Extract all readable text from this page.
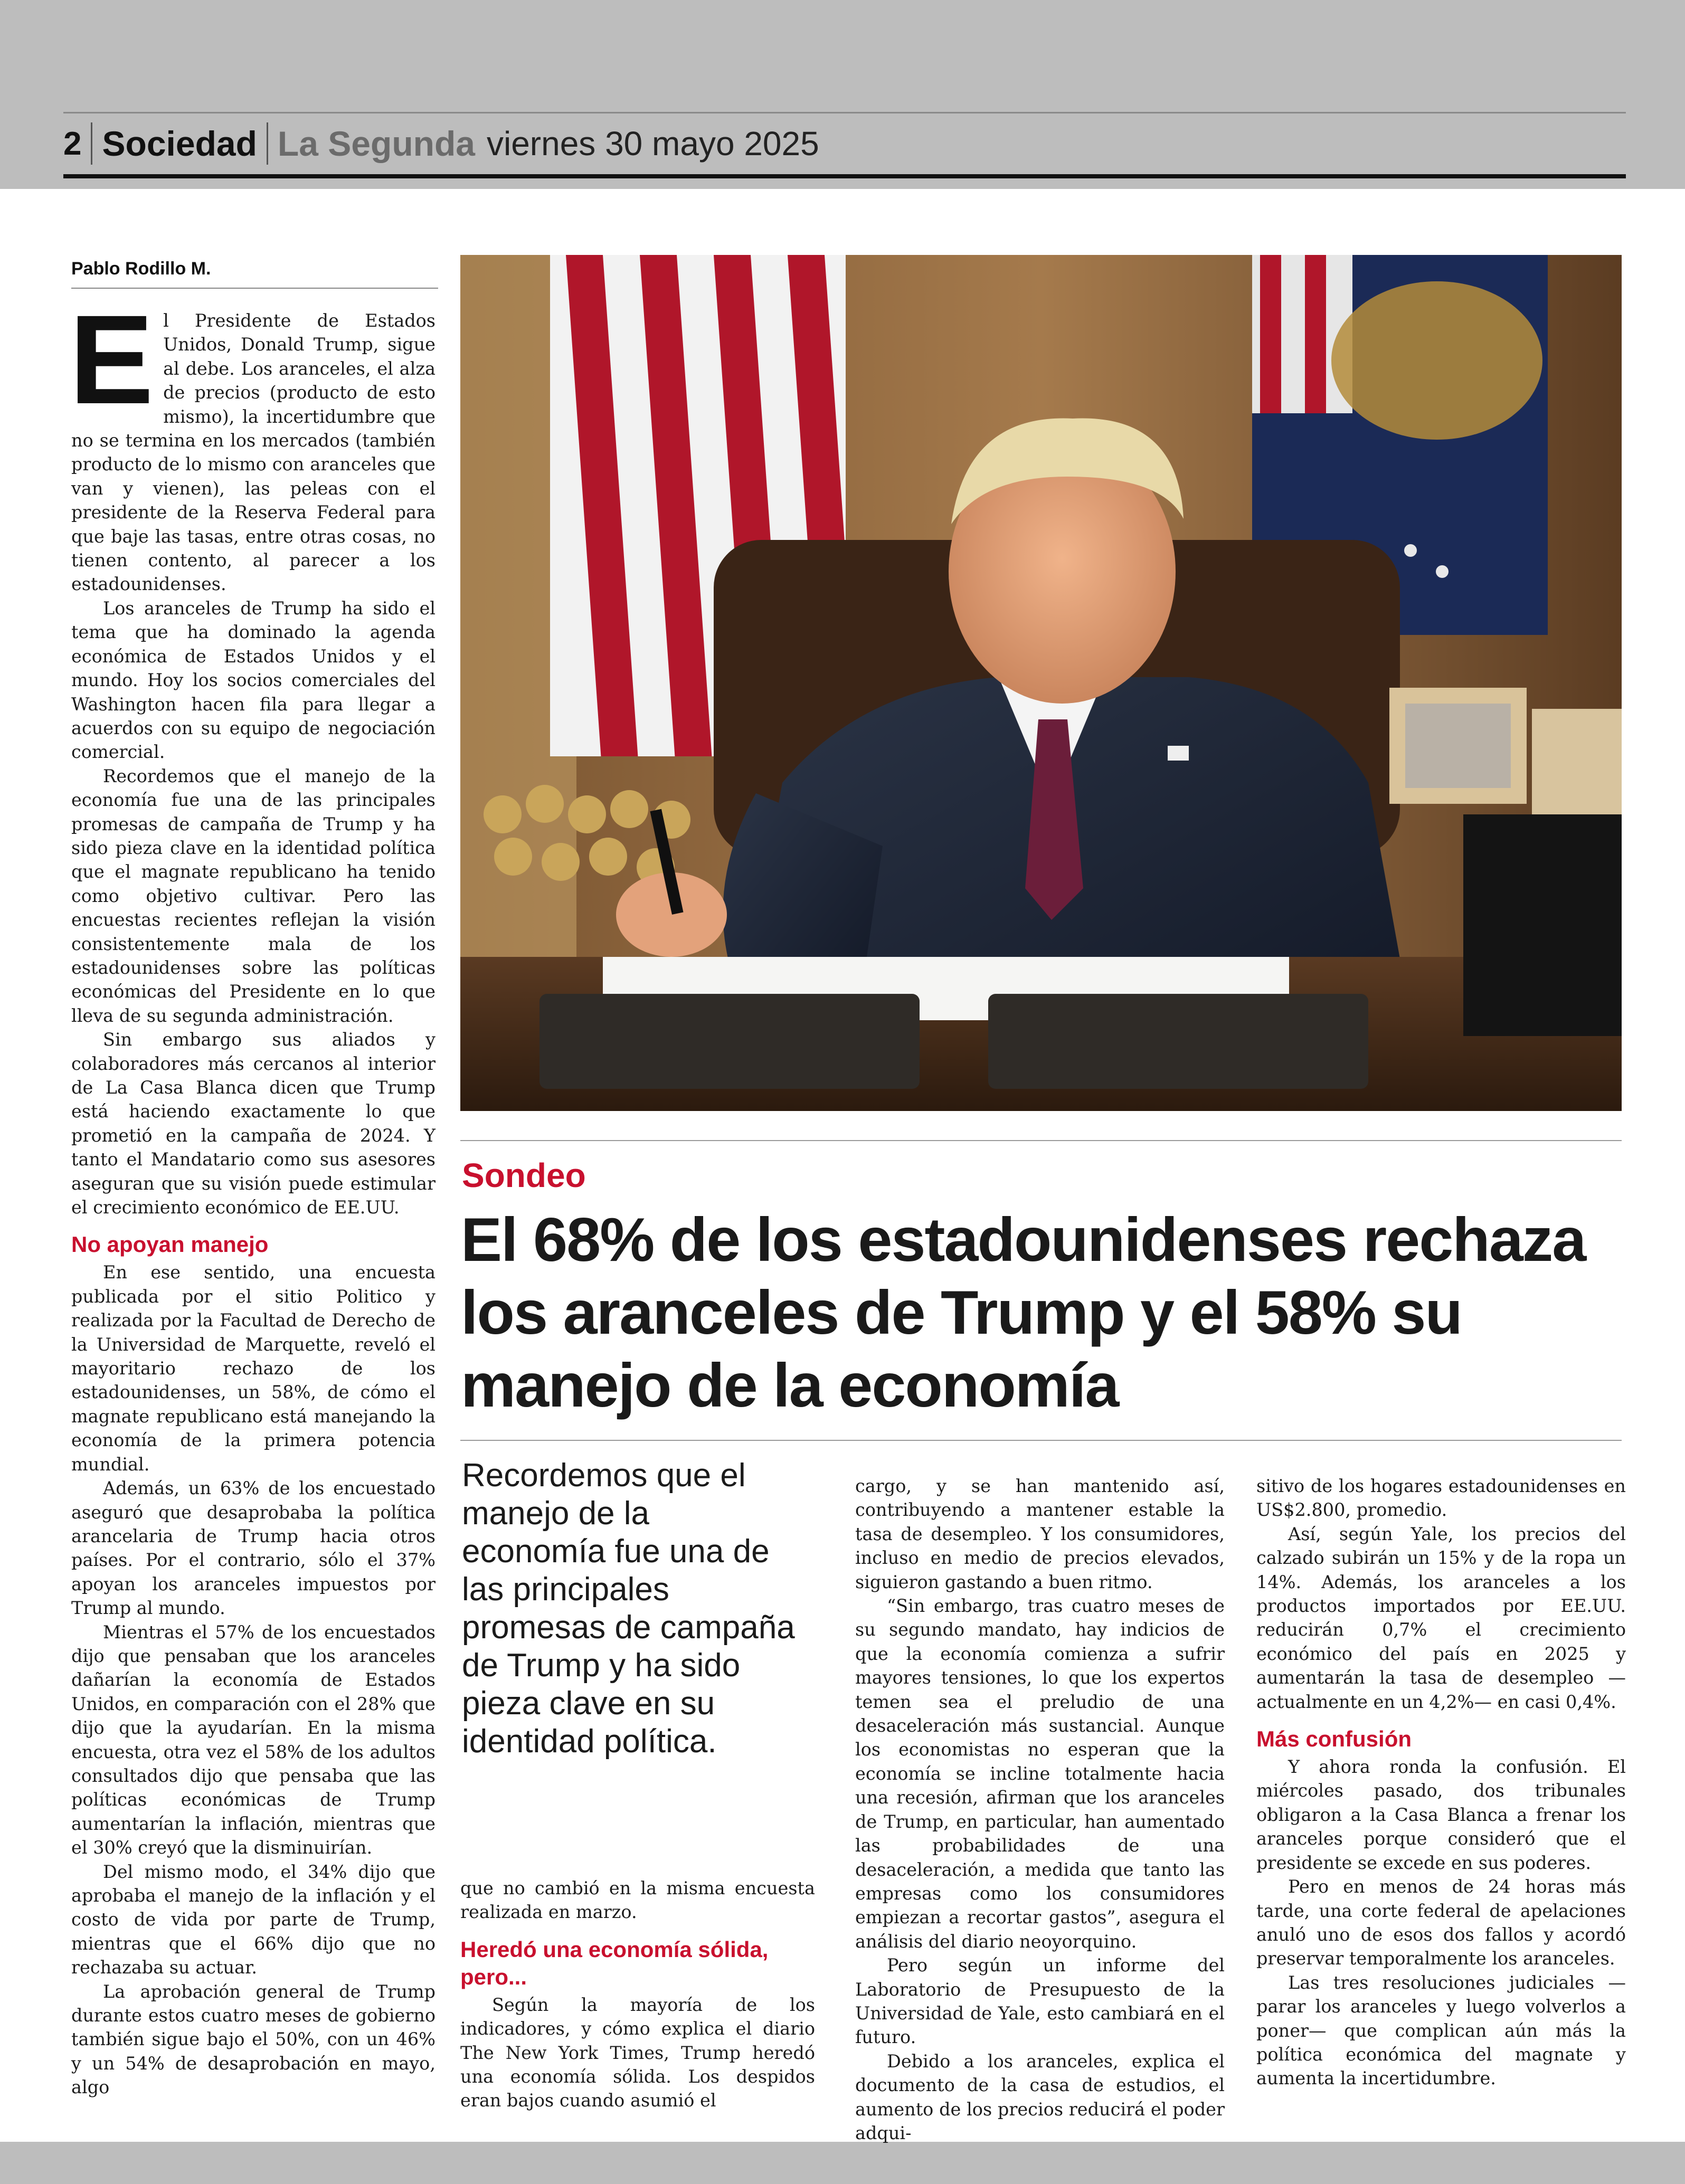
2 Sociedad La Segunda viernes 30 mayo 2025
Pablo Rodillo M.
E l Presidente de Estados Unidos, Donald Trump, sigue al debe. Los aranceles, el alza de precios (producto de esto mismo), la incertidumbre que no se termina en los mercados (también producto de lo mismo con aranceles que van y vienen), las peleas con el presidente de la Reserva Federal para que baje las tasas, entre otras cosas, no tienen contento, al parecer a los estadounidenses.

Los aranceles de Trump ha sido el tema que ha dominado la agenda económica de Estados Unidos y el mundo. Hoy los socios comerciales del Washington hacen fila para llegar a acuerdos con su equipo de negociación comercial.

Recordemos que el manejo de la economía fue una de las principales promesas de campaña de Trump y ha sido pieza clave en la identidad política que el magnate republicano ha tenido como objetivo cultivar. Pero las encuestas recientes reflejan la visión consistentemente mala de los estadounidenses sobre las políticas económicas del Presidente en lo que lleva de su segunda administración.

Sin embargo sus aliados y colaboradores más cercanos al interior de La Casa Blanca dicen que Trump está haciendo exactamente lo que prometió en la campaña de 2024. Y tanto el Mandatario como sus asesores aseguran que su visión puede estimular el crecimiento económico de EE.UU.

No apoyan manejo

En ese sentido, una encuesta publicada por el sitio Politico y realizada por la Facultad de Derecho de la Universidad de Marquette, reveló el mayoritario rechazo de los estadounidenses, un 58%, de cómo el magnate republicano está manejando la economía de la primera potencia mundial.

Además, un 63% de los encuestado aseguró que desaprobaba la política arancelaria de Trump hacia otros países. Por el contrario, sólo el 37% apoyan los aranceles impuestos por Trump al mundo.

Mientras el 57% de los encuestados dijo que pensaban que los aranceles dañarían la economía de Estados Unidos, en comparación con el 28% que dijo que la ayudarían. En la misma encuesta, otra vez el 58% de los adultos consultados dijo que pensaba que las políticas económicas de Trump aumentarían la inflación, mientras que el 30% creyó que la disminuirían.

Del mismo modo, el 34% dijo que aprobaba el manejo de la inflación y el costo de vida por parte de Trump, mientras que el 66% dijo que no rechazaba su actuar.

La aprobación general de Trump durante estos cuatro meses de gobierno también sigue bajo el 50%, con un 46% y un 54% de desaprobación en mayo, algo

Sondeo
El 68% de los estadounidenses rechaza los aranceles de Trump y el 58% su manejo de la economía

Recordemos que el manejo de la economía fue una de las principales promesas de campaña de Trump y ha sido pieza clave en su identidad política.

que no cambió en la misma encuesta realizada en marzo.

Heredó una economía sólida, pero...

Según la mayoría de los indicadores, y cómo explica el diario The New York Times, Trump heredó una economía sólida. Los despidos eran bajos cuando asumió el

cargo, y se han mantenido así, contribuyendo a mantener estable la tasa de desempleo. Y los consumidores, incluso en medio de precios elevados, siguieron gastando a buen ritmo.

“Sin embargo, tras cuatro meses de su segundo mandato, hay indicios de que la economía comienza a sufrir mayores tensiones, lo que los expertos temen sea el preludio de una desaceleración más sustancial. Aunque los economistas no esperan que la economía se incline totalmente hacia una recesión, afirman que los aranceles de Trump, en particular, han aumentado las probabilidades de una desaceleración, a medida que tanto las empresas como los consumidores empiezan a recortar gastos”, asegura el análisis del diario neoyorquino.

Pero según un informe del Laboratorio de Presupuesto de la Universidad de Yale, esto cambiará en el futuro.

Debido a los aranceles, explica el documento de la casa de estudios, el aumento de los precios reducirá el poder adqui-

sitivo de los hogares estadounidenses en US$2.800, promedio.

Así, según Yale, los precios del calzado subirán un 15% y de la ropa un 14%. Además, los aranceles a los productos importados por EE.UU. reducirán 0,7% el crecimiento económico del país en 2025 y aumentarán la tasa de desempleo —actualmente en un 4,2%— en casi 0,4%.

Más confusión

Y ahora ronda la confusión. El miércoles pasado, dos tribunales obligaron a la Casa Blanca a frenar los aranceles porque consideró que el presidente se excede en sus poderes.

Pero en menos de 24 horas más tarde, una corte federal de apelaciones anuló uno de esos dos fallos y acordó preservar temporalmente los aranceles.

Las tres resoluciones judiciales —parar los aranceles y luego volverlos a poner— que complican aún más la política económica del magnate y aumenta la incertidumbre.
